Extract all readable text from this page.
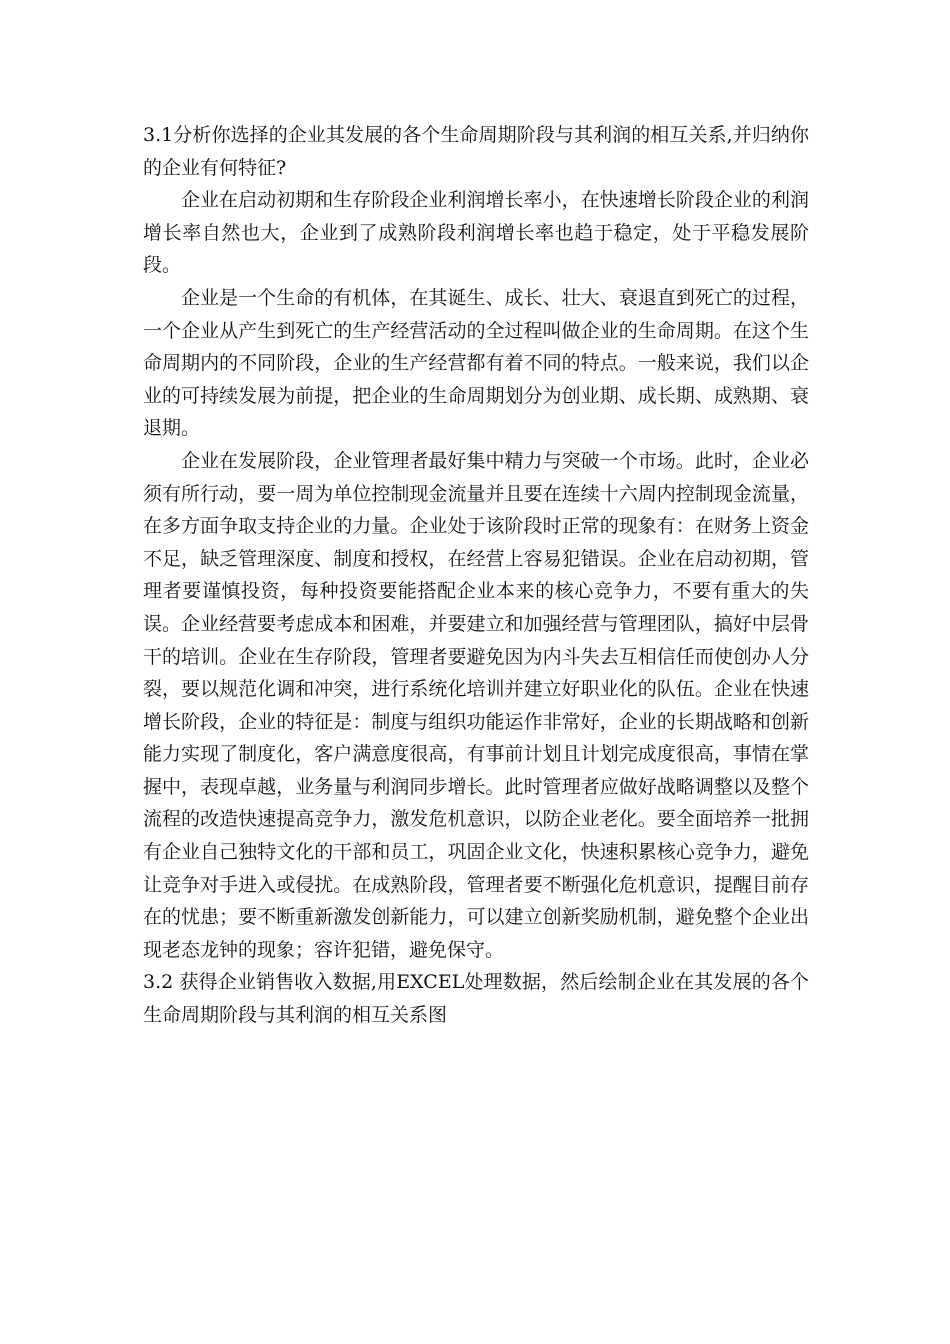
3.1分析你选择的企业其发展的各个生命周期阶段与其利润的相互关系,并归纳你的企业有何特征?

企业在启动初期和生存阶段企业利润增长率小，在快速增长阶段企业的利润增长率自然也大，企业到了成熟阶段利润增长率也趋于稳定，处于平稳发展阶段。

企业是一个生命的有机体，在其诞生、成长、壮大、衰退直到死亡的过程，一个企业从产生到死亡的生产经营活动的全过程叫做企业的生命周期。在这个生命周期内的不同阶段，企业的生产经营都有着不同的特点。一般来说，我们以企业的可持续发展为前提，把企业的生命周期划分为创业期、成长期、成熟期、衰退期。

企业在发展阶段，企业管理者最好集中精力与突破一个市场。此时，企业必须有所行动，要一周为单位控制现金流量并且要在连续十六周内控制现金流量，在多方面争取支持企业的力量。企业处于该阶段时正常的现象有：在财务上资金不足，缺乏管理深度、制度和授权，在经营上容易犯错误。企业在启动初期，管理者要谨慎投资，每种投资要能搭配企业本来的核心竞争力，不要有重大的失误。企业经营要考虑成本和困难，并要建立和加强经营与管理团队，搞好中层骨干的培训。企业在生存阶段，管理者要避免因为内斗失去互相信任而使创办人分裂，要以规范化调和冲突，进行系统化培训并建立好职业化的队伍。企业在快速增长阶段，企业的特征是：制度与组织功能运作非常好，企业的长期战略和创新能力实现了制度化，客户满意度很高，有事前计划且计划完成度很高，事情在掌握中，表现卓越，业务量与利润同步增长。此时管理者应做好战略调整以及整个流程的改造快速提高竞争力，激发危机意识，以防企业老化。要全面培养一批拥有企业自己独特文化的干部和员工，巩固企业文化，快速积累核心竞争力，避免让竞争对手进入或侵扰。在成熟阶段，管理者要不断强化危机意识，提醒目前存在的忧患；要不断重新激发创新能力，可以建立创新奖励机制，避免整个企业出现老态龙钟的现象；容许犯错，避免保守。

3.2 获得企业销售收入数据,用EXCEL处理数据，然后绘制企业在其发展的各个生命周期阶段与其利润的相互关系图
